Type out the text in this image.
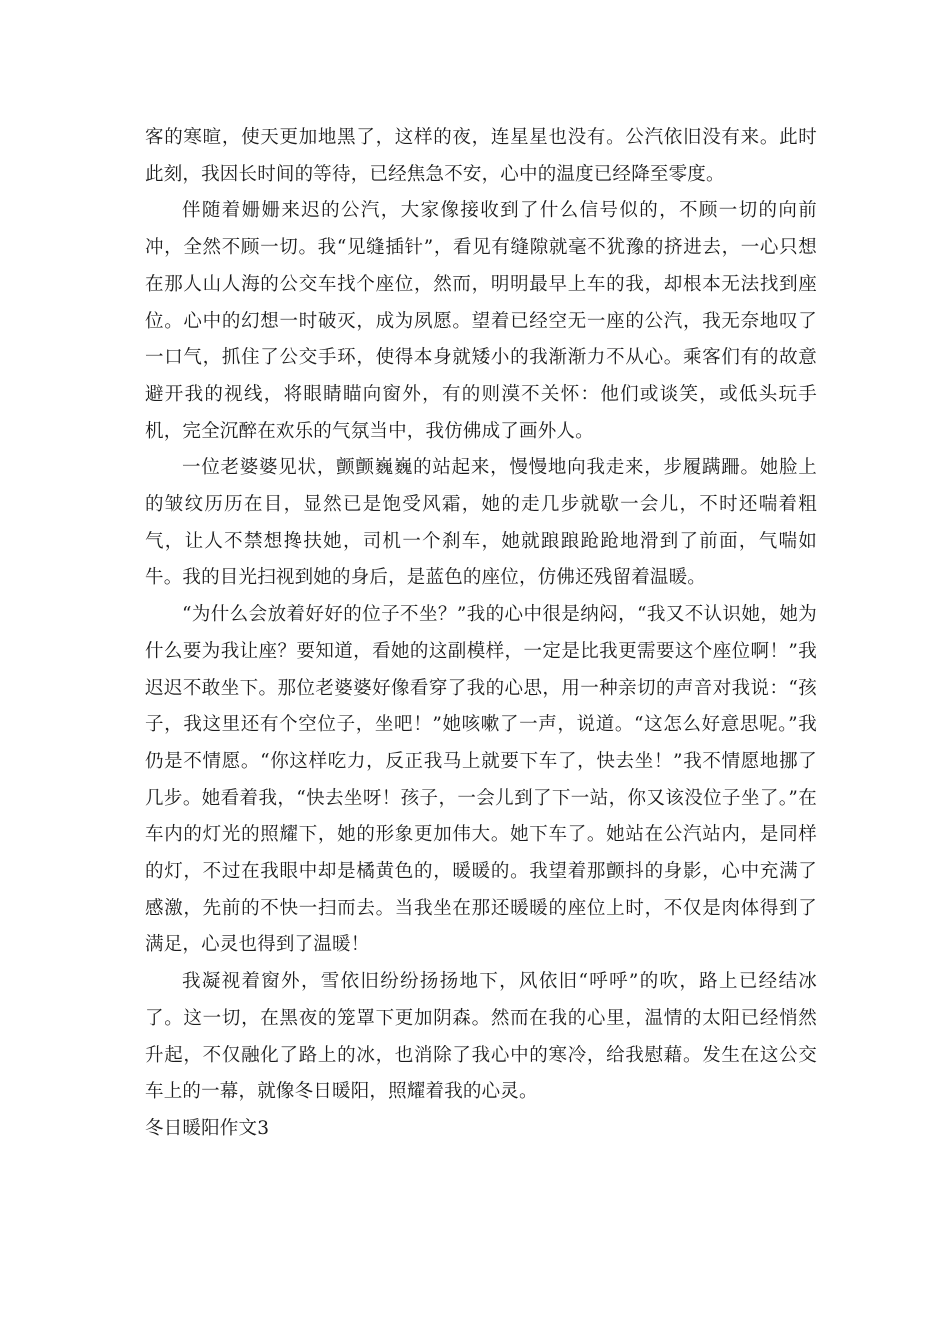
客的寒暄，使天更加地黑了，这样的夜，连星星也没有。公汽依旧没有来。此时此刻，我因长时间的等待，已经焦急不安，心中的温度已经降至零度。

伴随着姗姗来迟的公汽，大家像接收到了什么信号似的，不顾一切的向前冲，全然不顾一切。我“见缝插针”，看见有缝隙就毫不犹豫的挤进去，一心只想在那人山人海的公交车找个座位，然而，明明最早上车的我，却根本无法找到座位。心中的幻想一时破灭，成为夙愿。望着已经空无一座的公汽，我无奈地叹了一口气，抓住了公交手环，使得本身就矮小的我渐渐力不从心。乘客们有的故意避开我的视线，将眼睛瞄向窗外，有的则漠不关怀：他们或谈笑，或低头玩手机，完全沉醉在欢乐的气氛当中，我仿佛成了画外人。

一位老婆婆见状，颤颤巍巍的站起来，慢慢地向我走来，步履蹒跚。她脸上的皱纹历历在目，显然已是饱受风霜，她的走几步就歇一会儿，不时还喘着粗气，让人不禁想搀扶她，司机一个刹车，她就踉踉跄跄地滑到了前面，气喘如牛。我的目光扫视到她的身后，是蓝色的座位，仿佛还残留着温暖。

“为什么会放着好好的位子不坐？”我的心中很是纳闷，“我又不认识她，她为什么要为我让座？要知道，看她的这副模样，一定是比我更需要这个座位啊！”我迟迟不敢坐下。那位老婆婆好像看穿了我的心思，用一种亲切的声音对我说：“孩子，我这里还有个空位子，坐吧！”她咳嗽了一声，说道。“这怎么好意思呢。”我仍是不情愿。“你这样吃力，反正我马上就要下车了，快去坐！”我不情愿地挪了几步。她看着我，“快去坐呀！孩子，一会儿到了下一站，你又该没位子坐了。”在车内的灯光的照耀下，她的形象更加伟大。她下车了。她站在公汽站内，是同样的灯，不过在我眼中却是橘黄色的，暖暖的。我望着那颤抖的身影，心中充满了感激，先前的不快一扫而去。当我坐在那还暖暖的座位上时，不仅是肉体得到了满足，心灵也得到了温暖！

我凝视着窗外，雪依旧纷纷扬扬地下，风依旧“呼呼”的吹，路上已经结冰了。这一切，在黑夜的笼罩下更加阴森。然而在我的心里，温情的太阳已经悄然升起，不仅融化了路上的冰，也消除了我心中的寒冷，给我慰藉。发生在这公交车上的一幕，就像冬日暖阳，照耀着我的心灵。

冬日暖阳作文3
